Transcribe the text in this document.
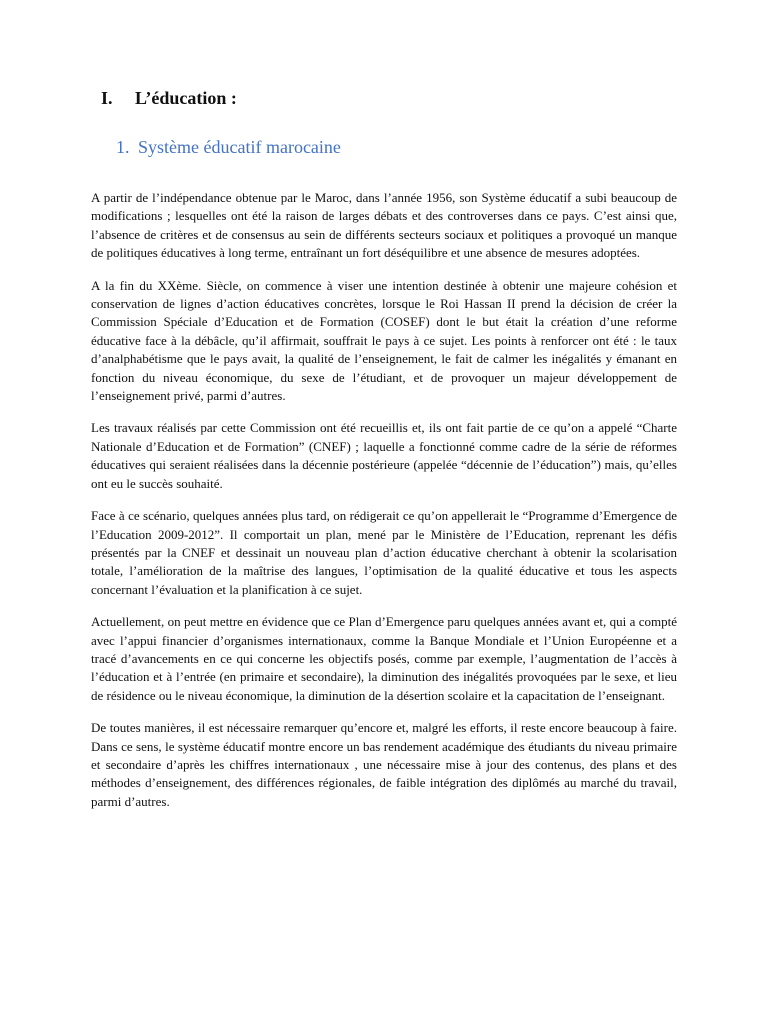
I. L’éducation :
1. Système éducatif marocaine

A partir de l’indépendance obtenue par le Maroc, dans l’année 1956, son Système éducatif a subi beaucoup de modifications ; lesquelles ont été la raison de larges débats et des controverses dans ce pays. C’est ainsi que, l’absence de critères et de consensus au sein de différents secteurs sociaux et politiques a provoqué un manque de politiques éducatives à long terme, entraînant un fort déséquilibre et une absence de mesures adoptées.

A la fin du XXème. Siècle, on commence à viser une intention destinée à obtenir une majeure cohésion et conservation de lignes d’action éducatives concrètes, lorsque le Roi Hassan II prend la décision de créer la Commission Spéciale d’Education et de Formation (COSEF) dont le but était la création d’une reforme éducative face à la débâcle, qu’il affirmait, souffrait le pays à ce sujet. Les points à renforcer ont été : le taux d’analphabétisme que le pays avait, la qualité de l’enseignement, le fait de calmer les inégalités y émanant en fonction du niveau économique, du sexe de l’étudiant, et de provoquer un majeur développement de l’enseignement privé, parmi d’autres.

Les travaux réalisés par cette Commission ont été recueillis et, ils ont fait partie de ce qu’on a appelé “Charte Nationale d’Education et de Formation” (CNEF) ; laquelle a fonctionné comme cadre de la série de réformes éducatives qui seraient réalisées dans la décennie postérieure (appelée “décennie de l’éducation”) mais, qu’elles ont eu le succès souhaité.

Face à ce scénario, quelques années plus tard, on rédigerait ce qu’on appellerait le “Programme d’Emergence de l’Education 2009-2012”. Il comportait un plan, mené par le Ministère de l’Education, reprenant les défis présentés par la CNEF et dessinait un nouveau plan d’action éducative cherchant à obtenir la scolarisation totale, l’amélioration de la maîtrise des langues, l’optimisation de la qualité éducative et tous les aspects concernant l’évaluation et la planification à ce sujet.

Actuellement, on peut mettre en évidence que ce Plan d’Emergence paru quelques années avant et, qui a compté avec l’appui financier d’organismes internationaux, comme la Banque Mondiale et l’Union Européenne et a tracé d’avancements en ce qui concerne les objectifs posés, comme par exemple, l’augmentation de l’accès à l’éducation et à l’entrée (en primaire et secondaire), la diminution des inégalités provoquées par le sexe, et lieu de résidence ou le niveau économique, la diminution de la désertion scolaire et la capacitation de l’enseignant.

De toutes manières, il est nécessaire remarquer qu’encore et, malgré les efforts, il reste encore beaucoup à faire. Dans ce sens, le système éducatif montre encore un bas rendement académique des étudiants du niveau primaire et secondaire d’après les chiffres internationaux , une nécessaire mise à jour des contenus, des plans et des méthodes d’enseignement, des différences régionales, de faible intégration des diplômés au marché du travail, parmi d’autres.
